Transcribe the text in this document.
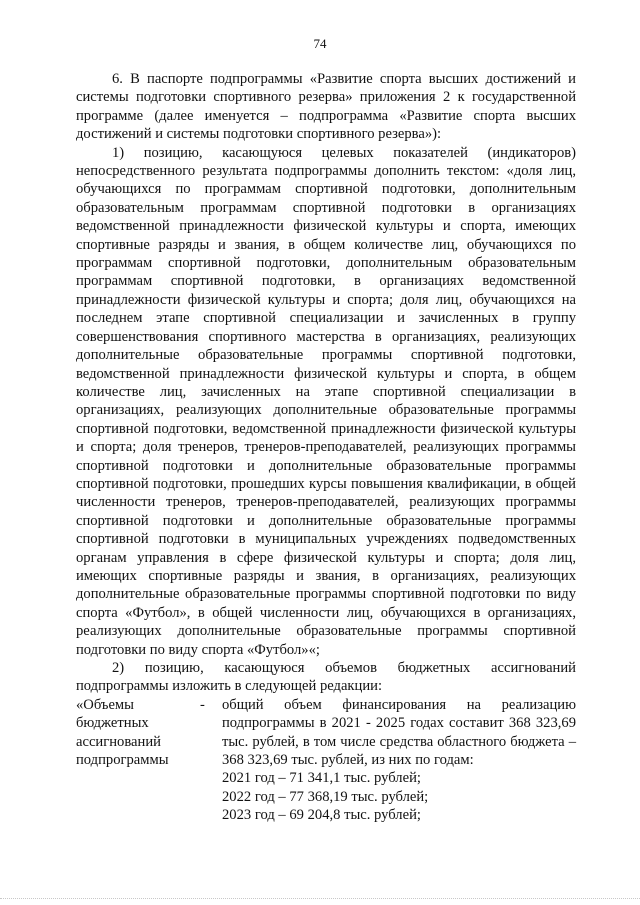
74

6. В паспорте подпрограммы «Развитие спорта высших достижений и системы подготовки спортивного резерва» приложения 2 к государственной программе (далее именуется – подпрограмма «Развитие спорта высших достижений и системы подготовки спортивного резерва»):

1) позицию, касающуюся целевых показателей (индикаторов) непосредственного результата подпрограммы дополнить текстом: «доля лиц, обучающихся по программам спортивной подготовки, дополнительным образовательным программам спортивной подготовки в организациях ведомственной принадлежности физической культуры и спорта, имеющих спортивные разряды и звания, в общем количестве лиц, обучающихся по программам спортивной подготовки, дополнительным образовательным программам спортивной подготовки, в организациях ведомственной принадлежности физической культуры и спорта; доля лиц, обучающихся на последнем этапе спортивной специализации и зачисленных в группу совершенствования спортивного мастерства в организациях, реализующих дополнительные образовательные программы спортивной подготовки, ведомственной принадлежности физической культуры и спорта, в общем количестве лиц, зачисленных на этапе спортивной специализации в организациях, реализующих дополнительные образовательные программы спортивной подготовки, ведомственной принадлежности физической культуры и спорта; доля тренеров, тренеров-преподавателей, реализующих программы спортивной подготовки и дополнительные образовательные программы спортивной подготовки, прошедших курсы повышения квалификации, в общей численности тренеров, тренеров-преподавателей, реализующих программы спортивной подготовки и дополнительные образовательные программы спортивной подготовки в муниципальных учреждениях подведомственных органам управления в сфере физической культуры и спорта; доля лиц, имеющих спортивные разряды и звания, в организациях, реализующих дополнительные образовательные программы спортивной подготовки по виду спорта «Футбол», в общей численности лиц, обучающихся в организациях, реализующих дополнительные образовательные программы спортивной подготовки по виду спорта «Футбол»«;

2) позицию, касающуюся объемов бюджетных ассигнований подпрограммы изложить в следующей редакции:

«Объемы бюджетных ассигнований подпрограммы
-	общий объем финансирования на реализацию подпрограммы в 2021 - 2025 годах составит 368 323,69 тыс. рублей, в том числе средства областного бюджета – 368 323,69 тыс. рублей, из них по годам:
2021 год – 71 341,1 тыс. рублей;
2022 год – 77 368,19 тыс. рублей;
2023 год – 69 204,8 тыс. рублей;
